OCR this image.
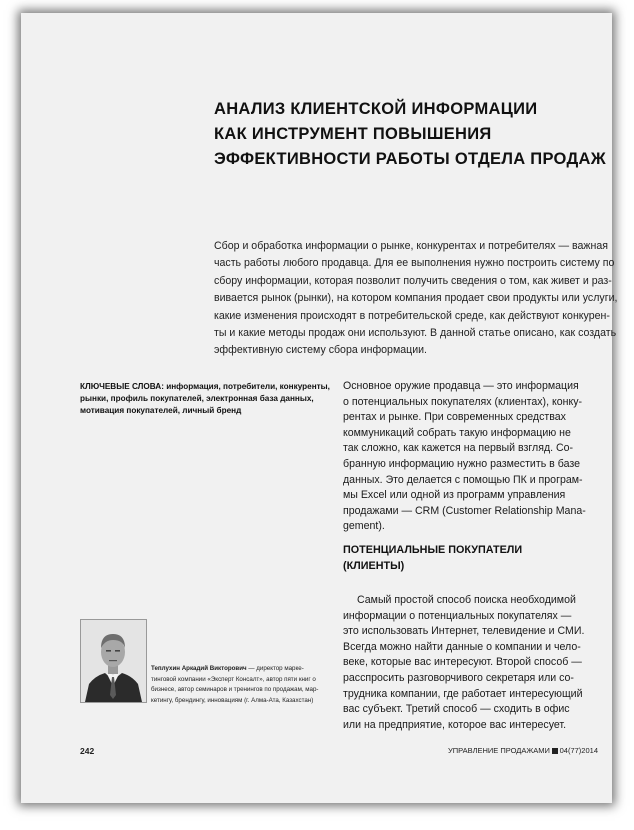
АНАЛИЗ КЛИЕНТСКОЙ ИНФОРМАЦИИ
КАК ИНСТРУМЕНТ ПОВЫШЕНИЯ
ЭФФЕКТИВНОСТИ РАБОТЫ ОТДЕЛА ПРОДАЖ
Сбор и обработка информации о рынке, конкурентах и потребителях — важная
часть работы любого продавца. Для ее выполнения нужно построить систему по
сбору информации, которая позволит получить сведения о том, как живет и раз-
вивается рынок (рынки), на котором компания продает свои продукты или услуги,
какие изменения происходят в потребительской среде, как действуют конкурен-
ты и какие методы продаж они используют. В данной статье описано, как создать
эффективную систему сбора информации.
КЛЮЧЕВЫЕ СЛОВА: информация, потребители, конкуренты,
рынки, профиль покупателей, электронная база данных,
мотивация покупателей, личный бренд
Основное оружие продавца — это информация
о потенциальных покупателях (клиентах), конку-
рентах и рынке. При современных средствах
коммуникаций собрать такую информацию не
так сложно, как кажется на первый взгляд. Со-
бранную информацию нужно разместить в базе
данных. Это делается с помощью ПК и програм-
мы Excel или одной из программ управления
продажами — CRM (Customer Relationship Mana-
gement).
ПОТЕНЦИАЛЬНЫЕ ПОКУПАТЕЛИ
(КЛИЕНТЫ)
Самый простой способ поиска необходимой
информации о потенциальных покупателях —
это использовать Интернет, телевидение и СМИ.
Всегда можно найти данные о компании и чело-
веке, которые вас интересуют. Второй способ —
расспросить разговорчивого секретаря или со-
трудника компании, где работает интересующий
вас субъект. Третий способ — сходить в офис
или на предприятие, которое вас интересует.
Теплухин Аркадий Викторович — директор марке-
тинговой компании «Эксперт Консалт», автор пяти книг о
бизнесе, автор семинаров и тренингов по продажам, мар-
кетингу, брендингу, инновациям (г. Алма-Ата, Казахстан)
242	УПРАВЛЕНИЕ ПРОДАЖАМИ 04(77)2014
